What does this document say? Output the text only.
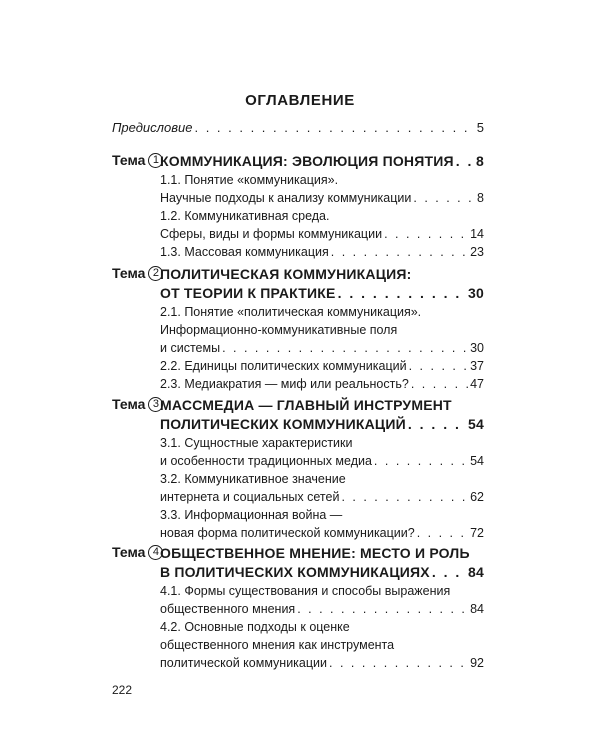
ОГЛАВЛЕНИЕ
Предисловие . . .	5
Тема 1 КОММУНИКАЦИЯ: ЭВОЛЮЦИЯ ПОНЯТИЯ . . . 8
1.1. Понятие «коммуникация».
Научные подходы к анализу коммуникации . . .	8
1.2. Коммуникативная среда.
Сферы, виды и формы коммуникации . . .	14
1.3. Массовая коммуникация . . .	23
Тема 2 ПОЛИТИЧЕСКАЯ КОММУНИКАЦИЯ:
ОТ ТЕОРИИ К ПРАКТИКЕ . . .	30
2.1. Понятие «политическая коммуникация».
Информационно-коммуникативные поля
и системы . . .	30
2.2. Единицы политических коммуникаций . . .	37
2.3. Медиакратия — миф или реальность? . . .	47
Тема 3 МАССМЕДИА — ГЛАВНЫЙ ИНСТРУМЕНТ
ПОЛИТИЧЕСКИХ КОММУНИКАЦИЙ . . .	54
3.1. Сущностные характеристики
и особенности традиционных медиа . . .	54
3.2. Коммуникативное значение
интернета и социальных сетей . . .	62
3.3. Информационная война —
новая форма политической коммуникации? . . .	72
Тема 4 ОБЩЕСТВЕННОЕ МНЕНИЕ: МЕСТО И РОЛЬ
В ПОЛИТИЧЕСКИХ КОММУНИКАЦИЯХ . . .	84
4.1. Формы существования и способы выражения
общественного мнения . . .	84
4.2. Основные подходы к оценке
общественного мнения как инструмента
политической коммуникации . . .	92
222
